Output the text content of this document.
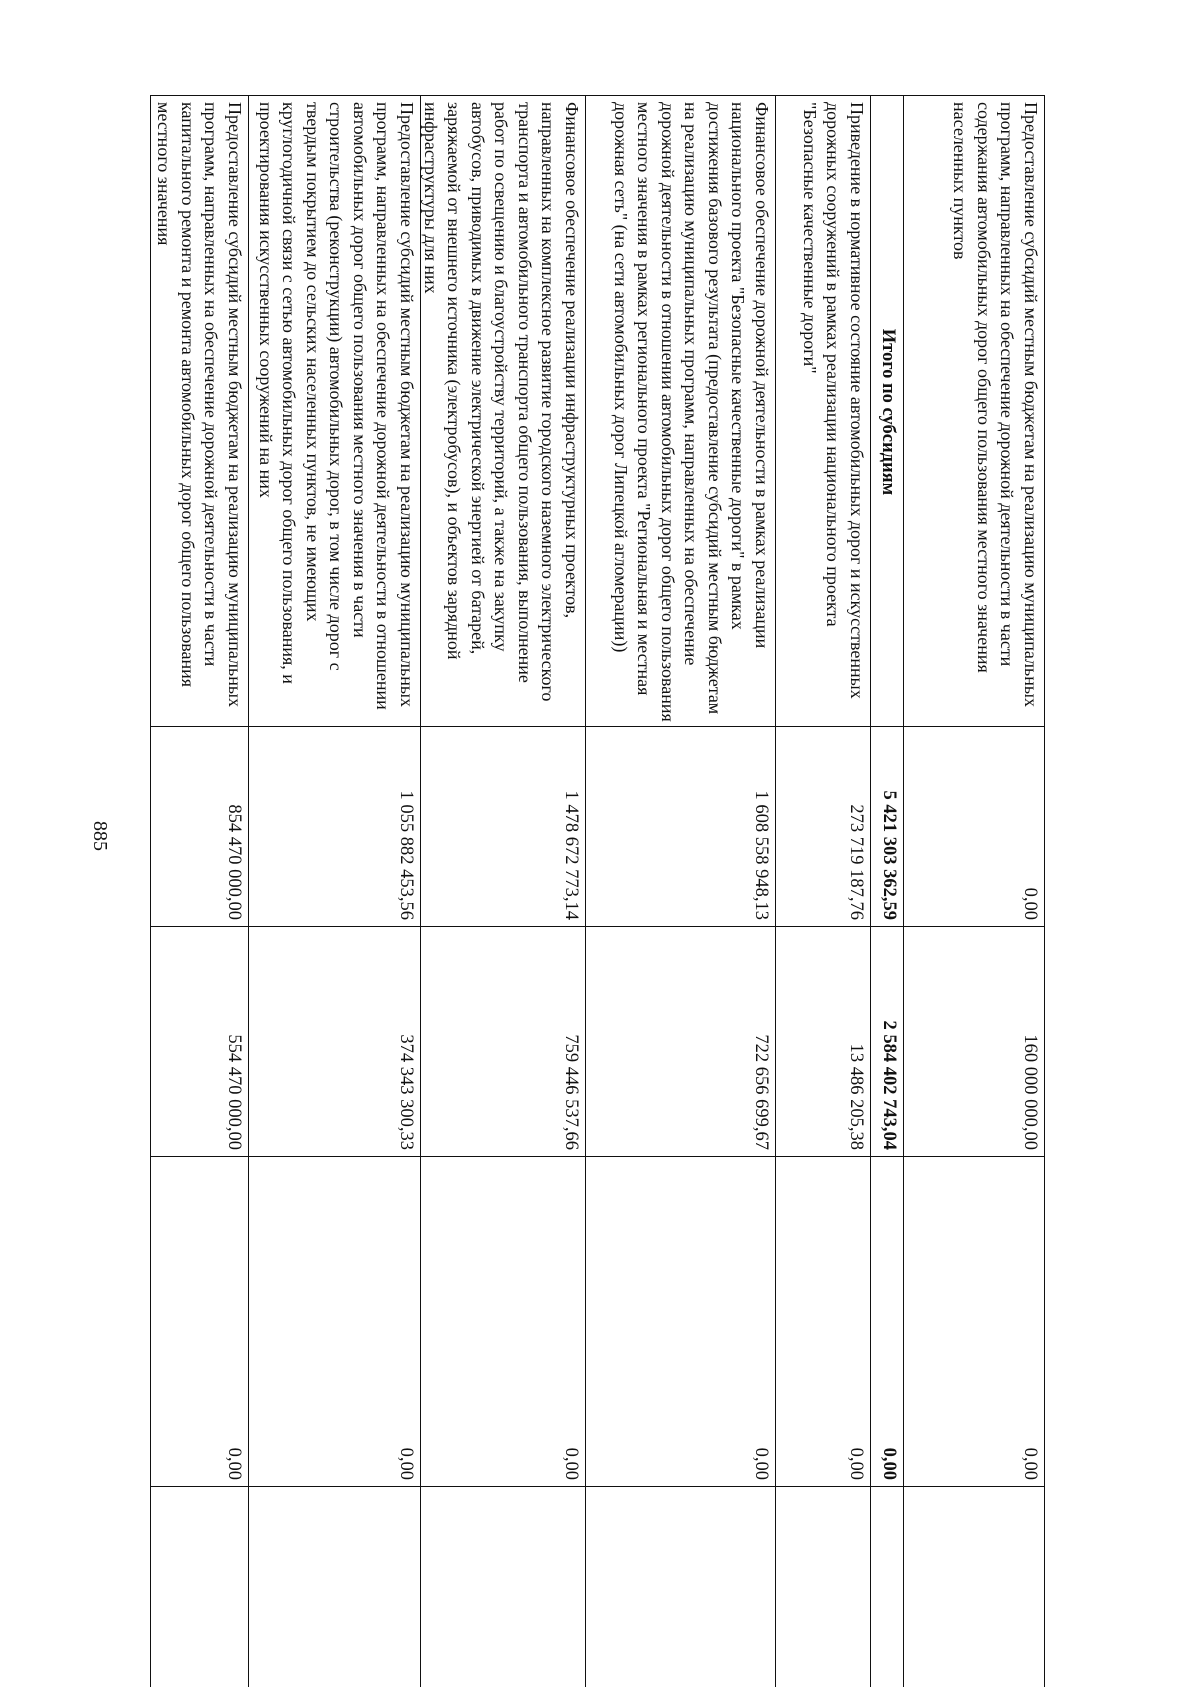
885
Предоставление субсидий местным бюджетам на реализацию муниципальных программ, направленных на обеспечение дорожной деятельности в части содержания автомобильных дорог общего пользования местного значения населенных пунктов
0,00
160 000 000,00
0,00
Итого по субсидиям
5 421 303 362,59
2 584 402 743,04
0,00
Приведение в нормативное состояние автомобильных дорог и искусственных дорожных сооружений в рамках реализации национального проекта "Безопасные качественные дороги"
273 719 187,76
13 486 205,38
0,00
Финансовое обеспечение дорожной деятельности в рамках реализации национального проекта "Безопасные качественные дороги" в рамках достижения базового результата (предоставление субсидий местным бюджетам на реализацию муниципальных программ, направленных на обеспечение дорожной деятельности в отношении автомобильных дорог общего пользования местного значения в рамках регионального проекта "Региональная и местная дорожная сеть" (на сети автомобильных дорог Липецкой агломерации))
1 608 558 948,13
722 656 699,67
0,00
Финансовое обеспечение реализации инфраструктурных проектов, направленных на комплексное развитие городского наземного электрического транспорта и автомобильного транспорта общего пользования, выполнение работ по освещению и благоустройству территорий, а также на закупку автобусов, приводимых в движение электрической энергией от батарей, заряжаемой от внешнего источника (электробусов), и объектов зарядной инфраструктуры для них
1 478 672 773,14
759 446 537,66
0,00
Предоставление субсидий местным бюджетам на реализацию муниципальных программ, направленных на обеспечение дорожной деятельности в отношении автомобильных дорог общего пользования местного значения в части строительства (реконструкции) автомобильных дорог, в том числе дорог с твердым покрытием до сельских населенных пунктов, не имеющих круглогодичной связи с сетью автомобильных дорог общего пользования, и проектирования искусственных сооружений на них
1 055 882 453,56
374 343 300,33
0,00
Предоставление субсидий местным бюджетам на реализацию муниципальных программ, направленных на обеспечение дорожной деятельности в части капитального ремонта и ремонта автомобильных дорог общего пользования местного значения
854 470 000,00
554 470 000,00
0,00
